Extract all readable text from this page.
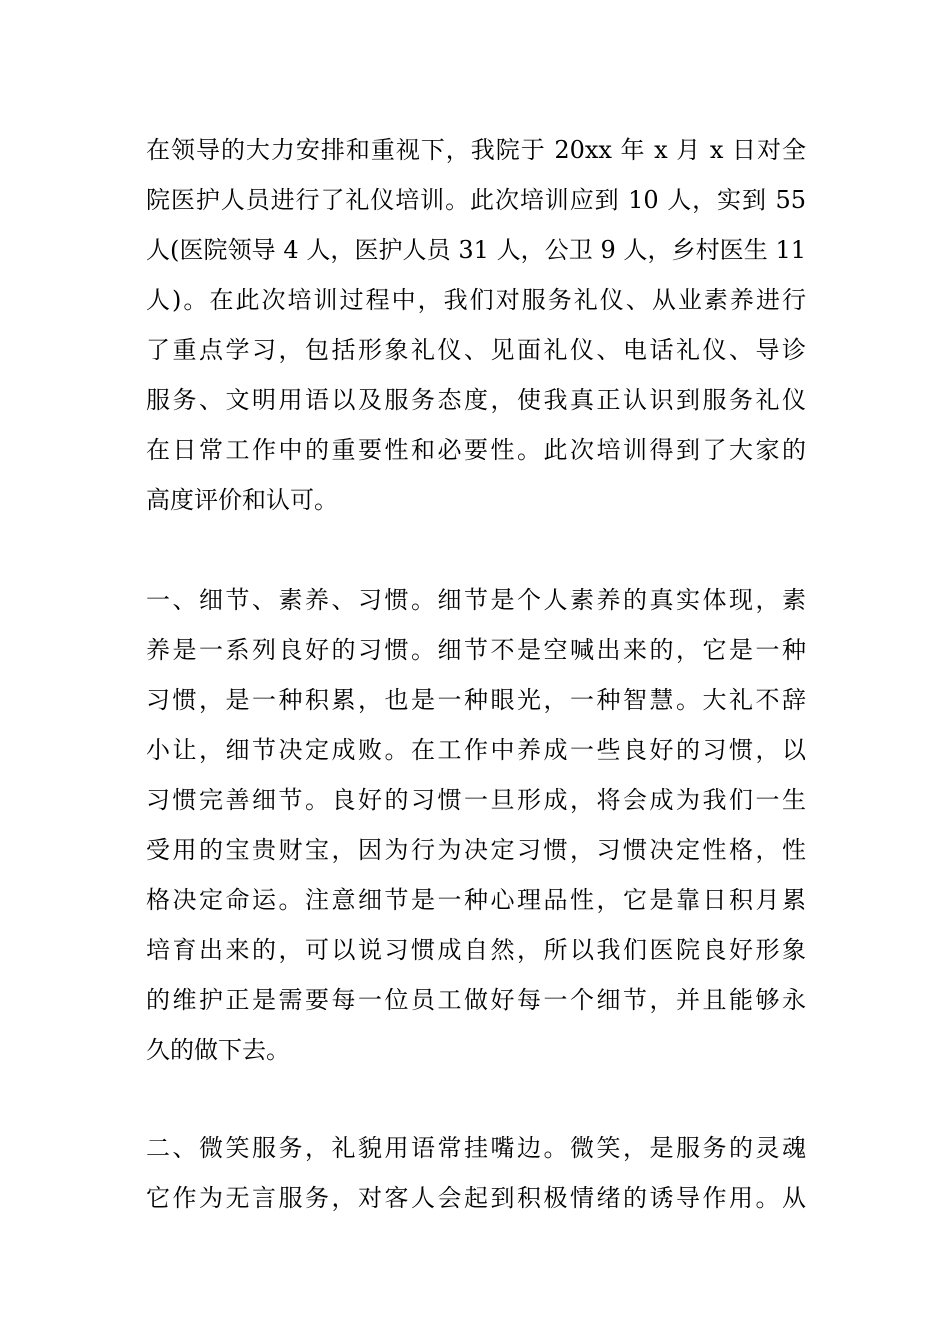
在领导的大力安排和重视下，我院于 20xx 年 x 月 x 日对全
院医护人员进行了礼仪培训。此次培训应到 10 人，实到 55
人(医院领导 4 人，医护人员 31 人，公卫 9 人，乡村医生 11
人)。在此次培训过程中，我们对服务礼仪、从业素养进行
了重点学习，包括形象礼仪、见面礼仪、电话礼仪、导诊
服务、文明用语以及服务态度，使我真正认识到服务礼仪
在日常工作中的重要性和必要性。此次培训得到了大家的
高度评价和认可。
一、细节、素养、习惯。细节是个人素养的真实体现，素
养是一系列良好的习惯。细节不是空喊出来的，它是一种
习惯，是一种积累，也是一种眼光，一种智慧。大礼不辞
小让，细节决定成败。在工作中养成一些良好的习惯，以
习惯完善细节。良好的习惯一旦形成，将会成为我们一生
受用的宝贵财宝，因为行为决定习惯，习惯决定性格，性
格决定命运。注意细节是一种心理品性，它是靠日积月累
培育出来的，可以说习惯成自然，所以我们医院良好形象
的维护正是需要每一位员工做好每一个细节，并且能够永
久的做下去。
二、微笑服务，礼貌用语常挂嘴边。微笑，是服务的灵魂
它作为无言服务，对客人会起到积极情绪的诱导作用。从
